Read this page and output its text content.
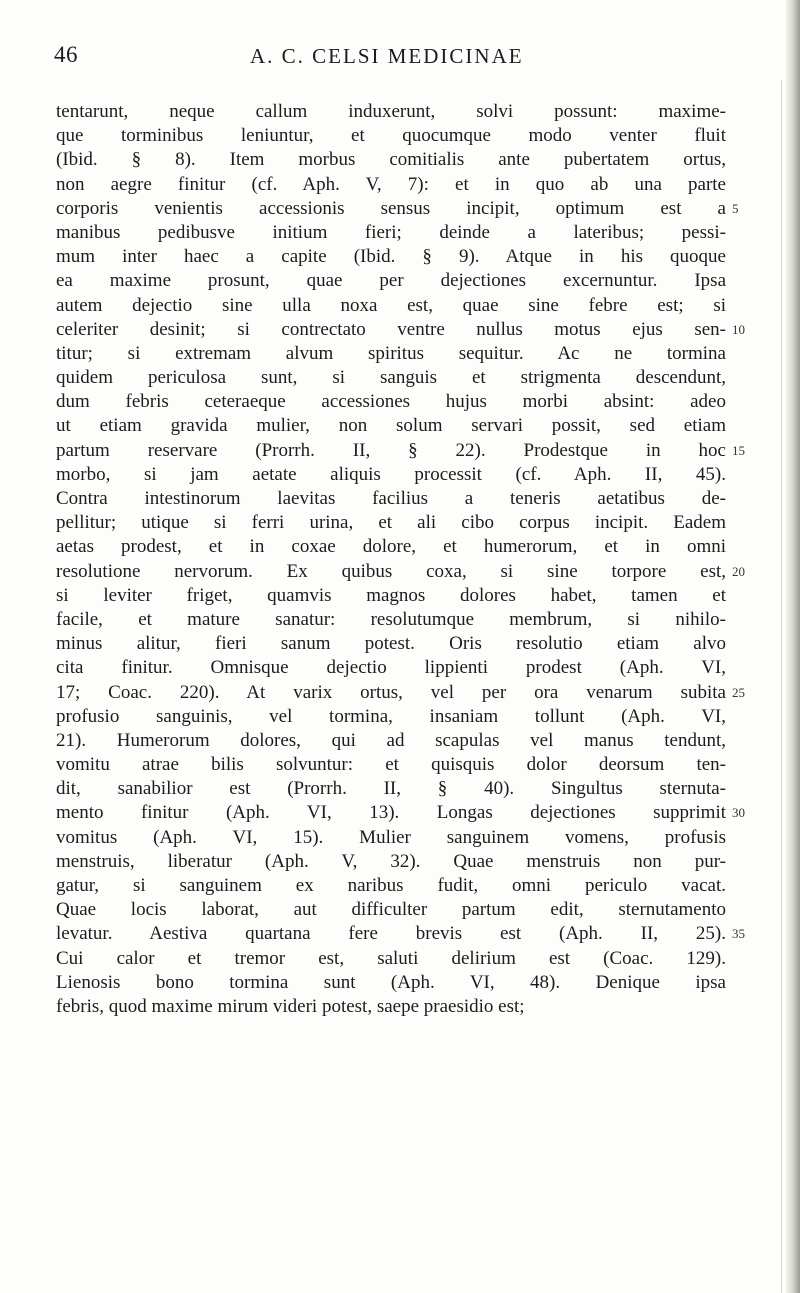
46	A. C. CELSI MEDICINAE
tentarunt, neque callum induxerunt, solvi possunt: maxime-
que torminibus leniuntur, et quocumque modo venter fluit
(Ibid. § 8). Item morbus comitialis ante pubertatem ortus,
non aegre finitur (cf. Aph. V, 7): et in quo ab una parte
corporis venientis accessionis sensus incipit, optimum est a 5
manibus pedibusve initium fieri; deinde a lateribus; pessi-
mum inter haec a capite (Ibid. § 9). Atque in his quoque
ea maxime prosunt, quae per dejectiones excernuntur. Ipsa
autem dejectio sine ulla noxa est, quae sine febre est; si
celeriter desinit; si contrectato ventre nullus motus ejus sen- 10
titur; si extremam alvum spiritus sequitur. Ac ne tormina
quidem periculosa sunt, si sanguis et strigmenta descendunt,
dum febris ceteraeque accessiones hujus morbi absint: adeo
ut etiam gravida mulier, non solum servari possit, sed etiam
partum reservare (Prorrh. II, § 22). Prodestque in hoc 15
morbo, si jam aetate aliquis processit (cf. Aph. II, 45).
Contra intestinorum laevitas facilius a teneris aetatibus de-
pellitur; utique si ferri urina, et ali cibo corpus incipit. Eadem
aetas prodest, et in coxae dolore, et humerorum, et in omni
resolutione nervorum. Ex quibus coxa, si sine torpore est, 20
si leviter friget, quamvis magnos dolores habet, tamen et
facile, et mature sanatur: resolutumque membrum, si nihilo-
minus alitur, fieri sanum potest. Oris resolutio etiam alvo
cita finitur. Omnisque dejectio lippienti prodest (Aph. VI,
17; Coac. 220). At varix ortus, vel per ora venarum subita 25
profusio sanguinis, vel tormina, insaniam tollunt (Aph. VI,
21). Humerorum dolores, qui ad scapulas vel manus tendunt,
vomitu atrae bilis solvuntur: et quisquis dolor deorsum ten-
dit, sanabilior est (Prorrh. II, § 40). Singultus sternuta-
mento finitur (Aph. VI, 13). Longas dejectiones supprimit 30
vomitus (Aph. VI, 15). Mulier sanguinem vomens, profusis
menstruis, liberatur (Aph. V, 32). Quae menstruis non pur-
gatur, si sanguinem ex naribus fudit, omni periculo vacat.
Quae locis laborat, aut difficulter partum edit, sternutamento
levatur. Aestiva quartana fere brevis est (Aph. II, 25). 35
Cui calor et tremor est, saluti delirium est (Coac. 129).
Lienosis bono tormina sunt (Aph. VI, 48). Denique ipsa
febris, quod maxime mirum videri potest, saepe praesidio est;
